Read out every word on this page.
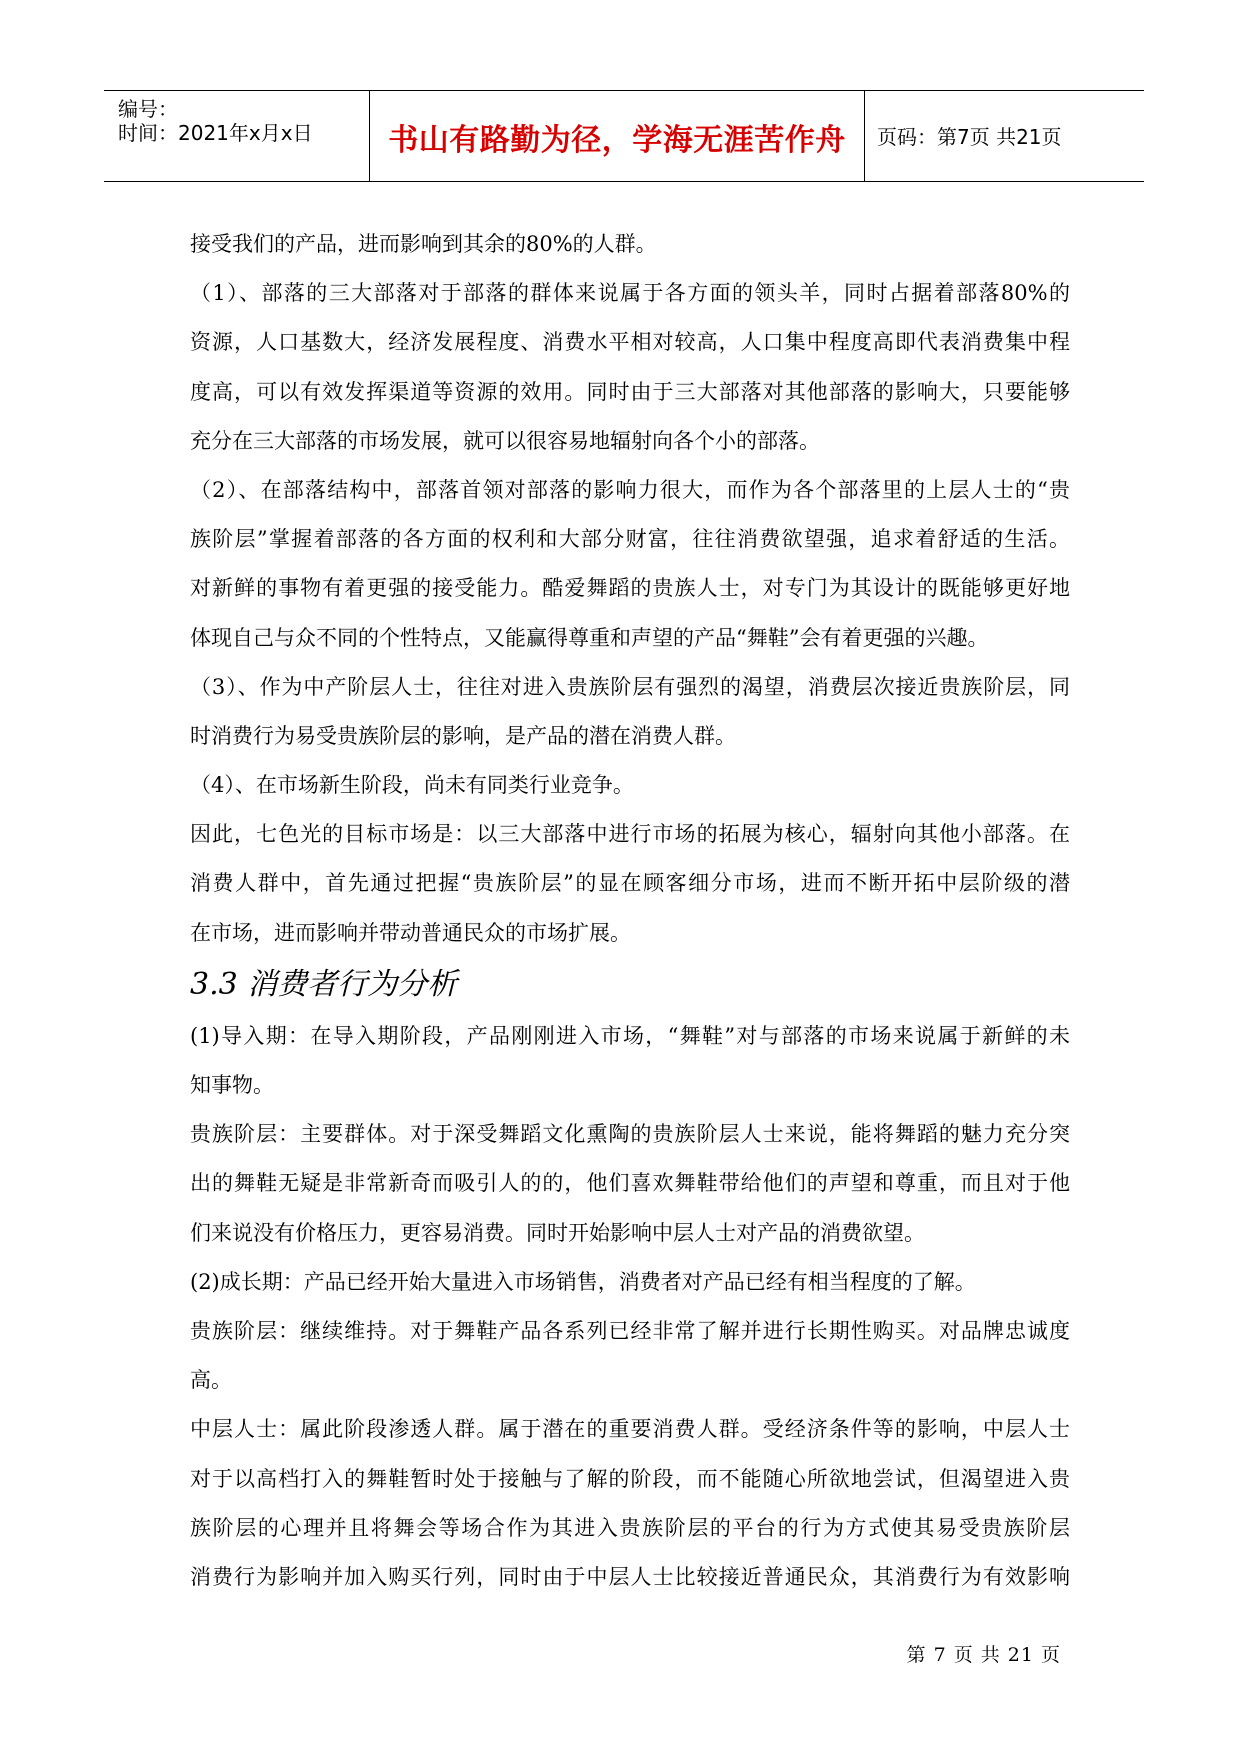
编号：
时间：2021年x月x日	书山有路勤为径，学海无涯苦作舟	页码：第7页 共21页
接受我们的产品，进而影响到其余的80%的人群。
（1）、部落的三大部落对于部落的群体来说属于各方面的领头羊，同时占据着部落80%的
资源，人口基数大，经济发展程度、消费水平相对较高，人口集中程度高即代表消费集中程
度高，可以有效发挥渠道等资源的效用。同时由于三大部落对其他部落的影响大，只要能够
充分在三大部落的市场发展，就可以很容易地辐射向各个小的部落。
（2）、在部落结构中，部落首领对部落的影响力很大，而作为各个部落里的上层人士的“贵
族阶层”掌握着部落的各方面的权利和大部分财富，往往消费欲望强，追求着舒适的生活。
对新鲜的事物有着更强的接受能力。酷爱舞蹈的贵族人士，对专门为其设计的既能够更好地
体现自己与众不同的个性特点，又能赢得尊重和声望的产品“舞鞋”会有着更强的兴趣。
（3）、作为中产阶层人士，往往对进入贵族阶层有强烈的渴望，消费层次接近贵族阶层，同
时消费行为易受贵族阶层的影响，是产品的潜在消费人群。
（4）、在市场新生阶段，尚未有同类行业竞争。
因此，七色光的目标市场是：以三大部落中进行市场的拓展为核心，辐射向其他小部落。在
消费人群中，首先通过把握“贵族阶层”的显在顾客细分市场，进而不断开拓中层阶级的潜
在市场，进而影响并带动普通民众的市场扩展。
3.3 消费者行为分析
(1)导入期：在导入期阶段，产品刚刚进入市场，“舞鞋”对与部落的市场来说属于新鲜的未
知事物。
贵族阶层：主要群体。对于深受舞蹈文化熏陶的贵族阶层人士来说，能将舞蹈的魅力充分突
出的舞鞋无疑是非常新奇而吸引人的的，他们喜欢舞鞋带给他们的声望和尊重，而且对于他
们来说没有价格压力，更容易消费。同时开始影响中层人士对产品的消费欲望。
(2)成长期：产品已经开始大量进入市场销售，消费者对产品已经有相当程度的了解。
贵族阶层：继续维持。对于舞鞋产品各系列已经非常了解并进行长期性购买。对品牌忠诚度
高。
中层人士：属此阶段渗透人群。属于潜在的重要消费人群。受经济条件等的影响，中层人士
对于以高档打入的舞鞋暂时处于接触与了解的阶段，而不能随心所欲地尝试，但渴望进入贵
族阶层的心理并且将舞会等场合作为其进入贵族阶层的平台的行为方式使其易受贵族阶层
消费行为影响并加入购买行列，同时由于中层人士比较接近普通民众，其消费行为有效影响
第 7 页 共 21 页
